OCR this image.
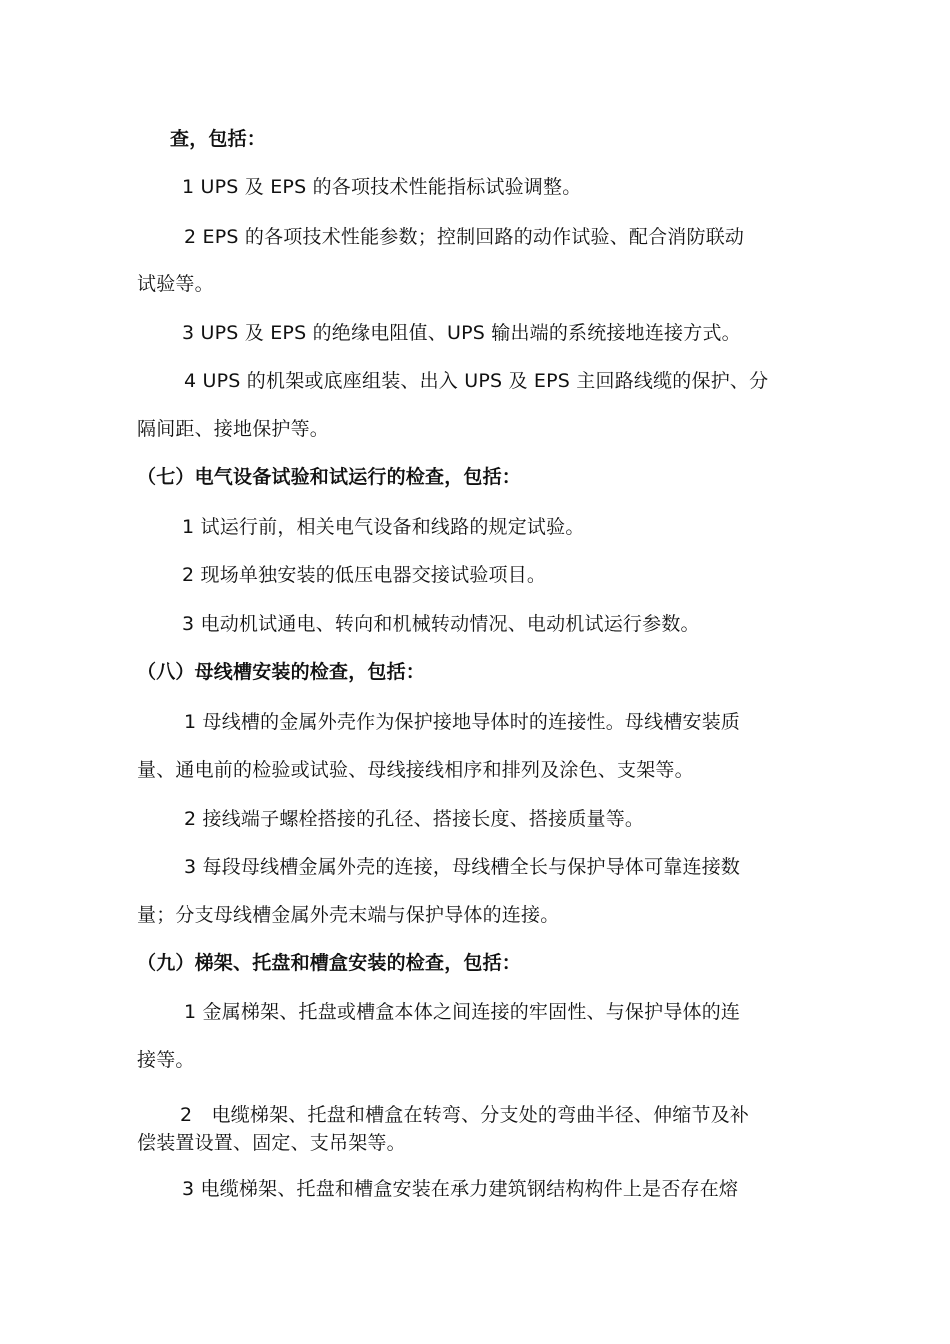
查，包括：
1 UPS 及 EPS 的各项技术性能指标试验调整。
2 EPS 的各项技术性能参数；控制回路的动作试验、配合消防联动
试验等。
3 UPS 及 EPS 的绝缘电阻值、UPS 输出端的系统接地连接方式。
4 UPS 的机架或底座组装、出入 UPS 及 EPS 主回路线缆的保护、分
隔间距、接地保护等。
（七）电气设备试验和试运行的检查，包括：
1 试运行前，相关电气设备和线路的规定试验。
2 现场单独安装的低压电器交接试验项目。
3 电动机试通电、转向和机械转动情况、电动机试运行参数。
（八）母线槽安装的检查，包括：
1 母线槽的金属外壳作为保护接地导体时的连接性。母线槽安装质
量、通电前的检验或试验、母线接线相序和排列及涂色、支架等。
2 接线端子螺栓搭接的孔径、搭接长度、搭接质量等。
3 每段母线槽金属外壳的连接，母线槽全长与保护导体可靠连接数
量；分支母线槽金属外壳末端与保护导体的连接。
（九）梯架、托盘和槽盒安装的检查，包括：
1 金属梯架、托盘或槽盒本体之间连接的牢固性、与保护导体的连
接等。
2　电缆梯架、托盘和槽盒在转弯、分支处的弯曲半径、伸缩节及补
偿装置设置、固定、支吊架等。
3 电缆梯架、托盘和槽盒安装在承力建筑钢结构构件上是否存在熔
